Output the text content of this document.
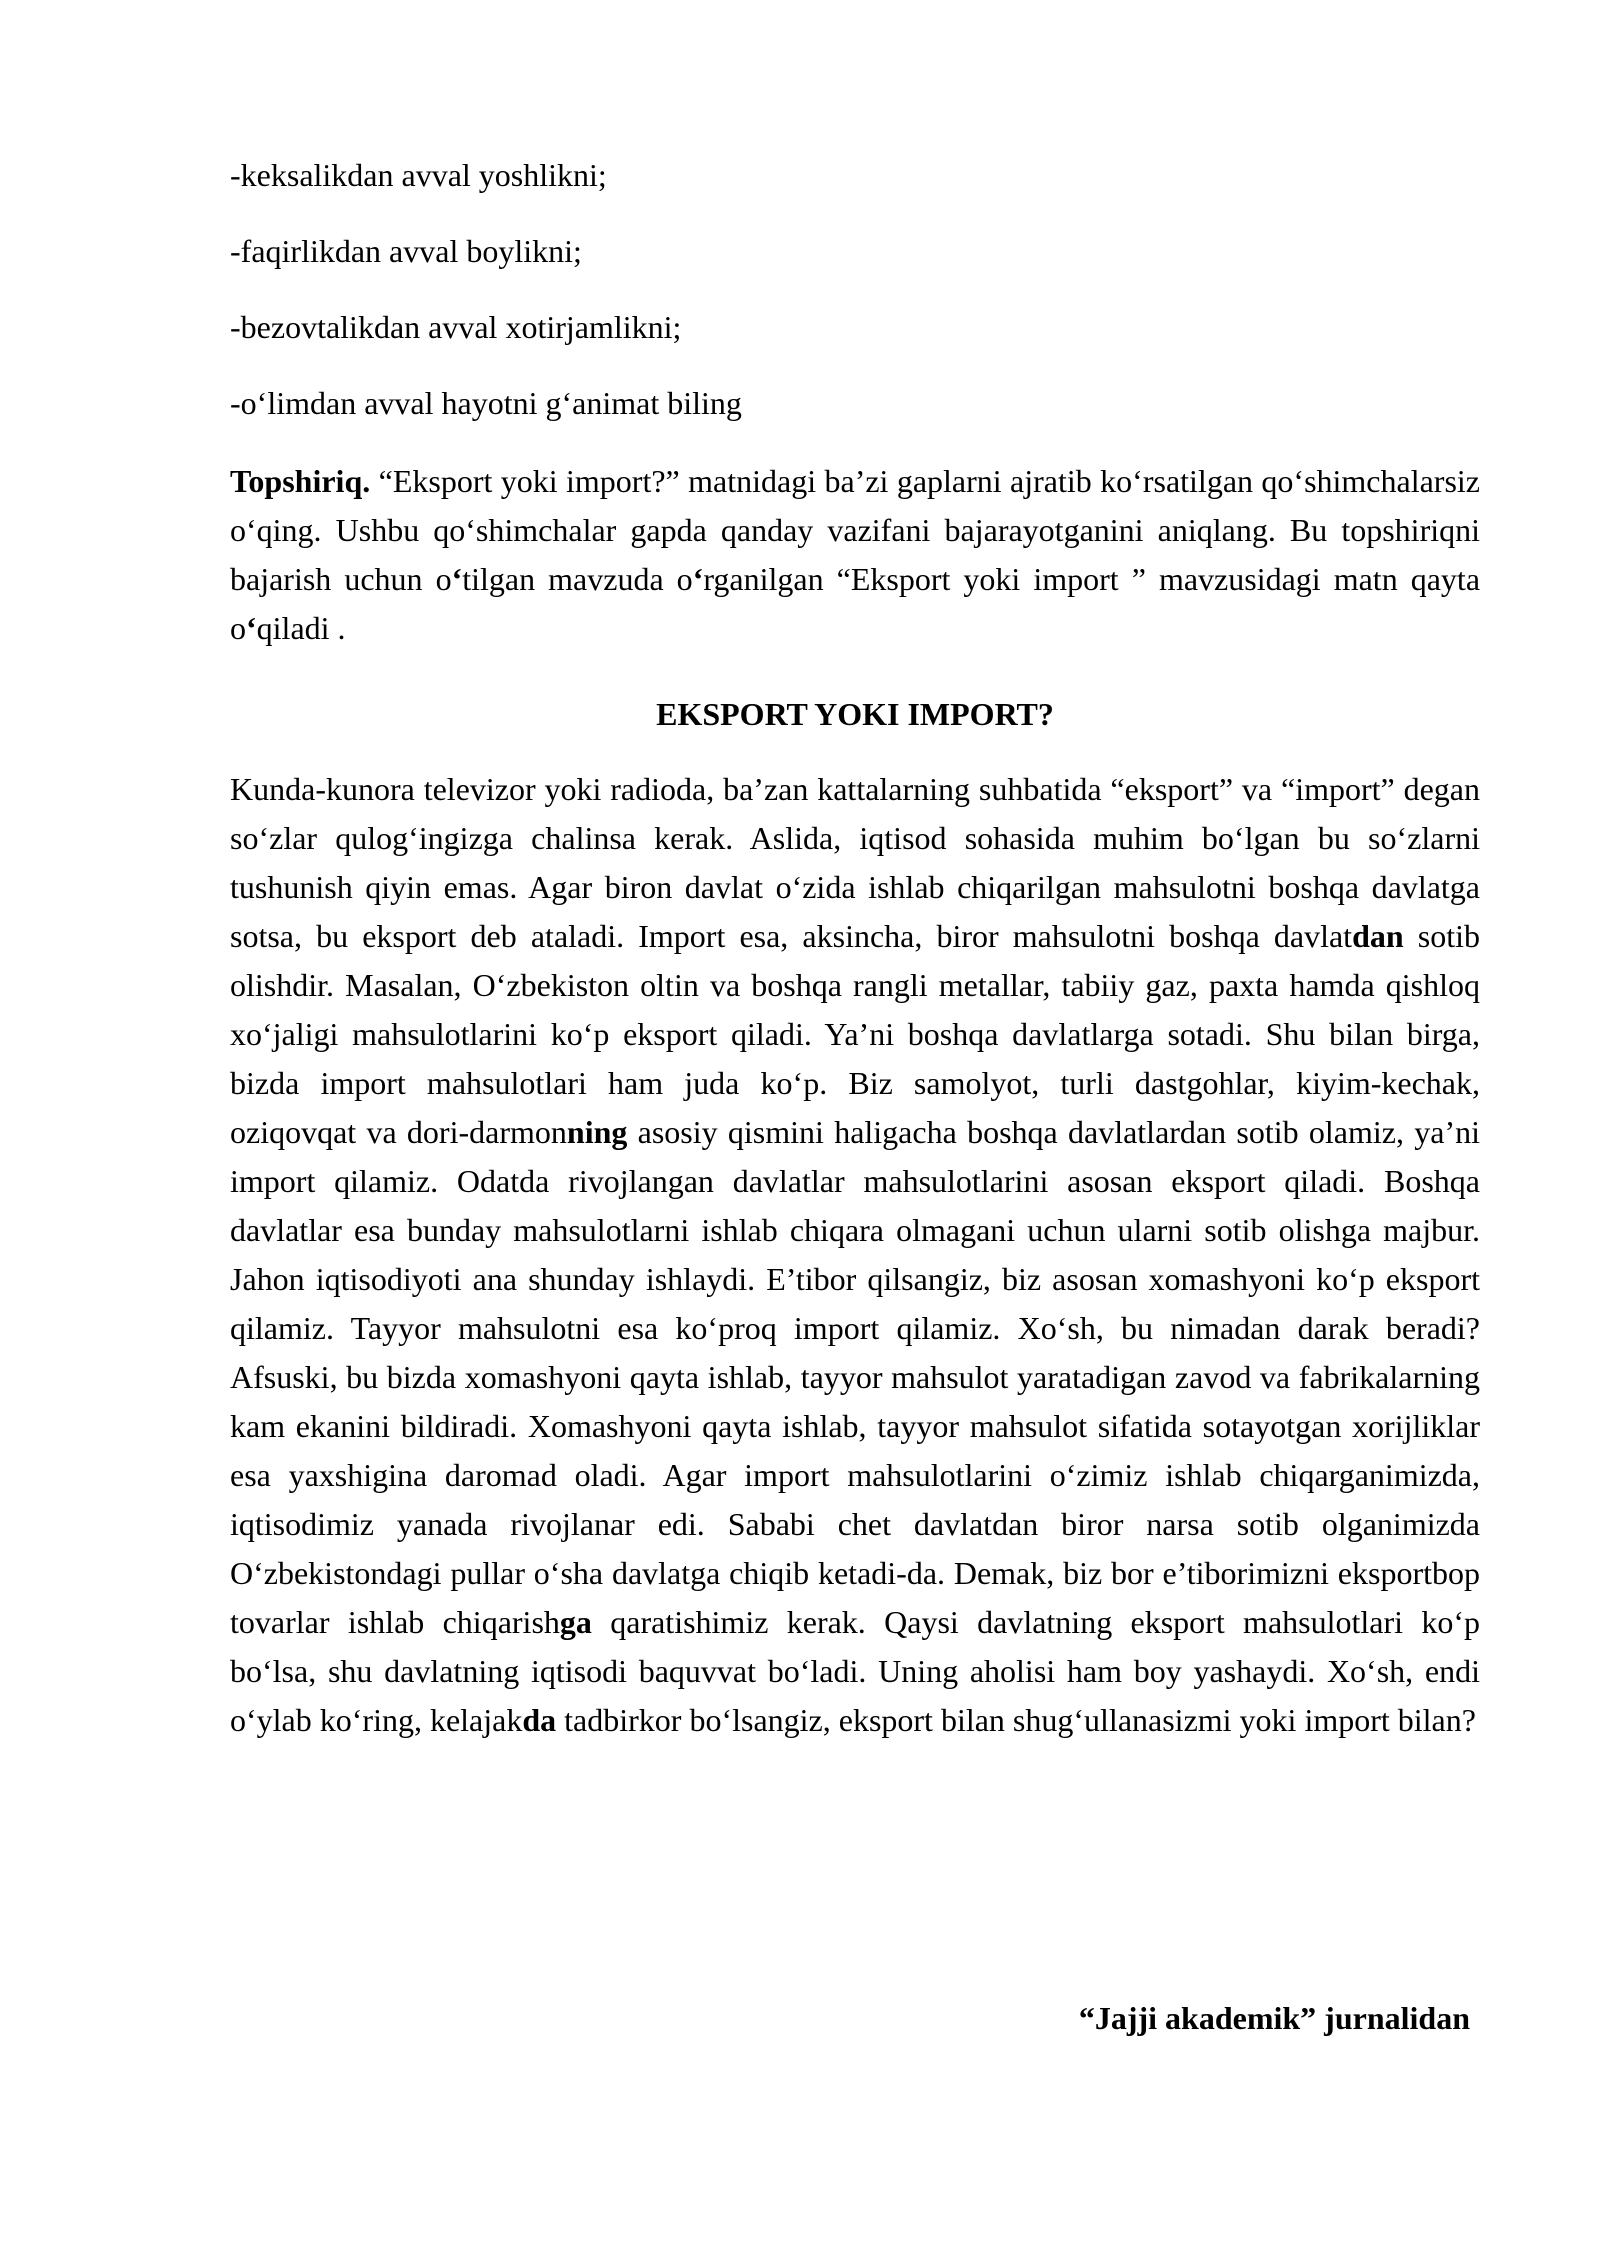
-keksalikdan avval yoshlikni;
-faqirlikdan avval boylikni;
-bezovtalikdan avval xotirjamlikni;
-o‘limdan avval hayotni g‘animat biling
Topshiriq. “Eksport yoki import?” matnidagi ba’zi gaplarni ajratib ko‘rsatilgan qo‘shimchalarsiz o‘qing. Ushbu qo‘shimchalar gapda qanday vazifani bajarayotganini aniqlang. Bu topshiriqni bajarish uchun o‘tilgan mavzuda o‘rganilgan “Eksport yoki import ” mavzusidagi matn qayta o‘qiladi .
EKSPORT YOKI IMPORT?
Kunda-kunora televizor yoki radioda, ba’zan kattalarning suhbatida “eksport” va “import” degan so‘zlar qulog‘ingizga chalinsa kerak. Aslida, iqtisod sohasida muhim bo‘lgan bu so‘zlarni tushunish qiyin emas. Agar biron davlat o‘zida ishlab chiqarilgan mahsulotni boshqa davlatga sotsa, bu eksport deb ataladi. Import esa, aksincha, biror mahsulotni boshqa davlatdan sotib olishdir. Masalan, O‘zbekiston oltin va boshqa rangli metallar, tabiiy gaz, paxta hamda qishloq xo‘jaligi mahsulotlarini ko‘p eksport qiladi. Ya’ni boshqa davlatlarga sotadi. Shu bilan birga, bizda import mahsulotlari ham juda ko‘p. Biz samolyot, turli dastgohlar, kiyim-kechak, oziqovqat va dori-darmonning asosiy qismini haligacha boshqa davlatlardan sotib olamiz, ya’ni import qilamiz. Odatda rivojlangan davlatlar mahsulotlarini asosan eksport qiladi. Boshqa davlatlar esa bunday mahsulotlarni ishlab chiqara olmagani uchun ularni sotib olishga majbur. Jahon iqtisodiyoti ana shunday ishlaydi. E’tibor qilsangiz, biz asosan xomashyoni ko‘p eksport qilamiz. Tayyor mahsulotni esa ko‘proq import qilamiz. Xo‘sh, bu nimadan darak beradi? Afsuski, bu bizda xomashyoni qayta ishlab, tayyor mahsulot yaratadigan zavod va fabrikalarning kam ekanini bildiradi. Xomashyoni qayta ishlab, tayyor mahsulot sifatida sotayotgan xorijliklar esa yaxshigina daromad oladi. Agar import mahsulotlarini o‘zimiz ishlab chiqarganimizda, iqtisodimiz yanada rivojlanar edi. Sababi chet davlatdan biror narsa sotib olganimizda O‘zbekistondagi pullar o‘sha davlatga chiqib ketadi-da. Demak, biz bor e’tiborimizni eksportbop tovarlar ishlab chiqarishga qaratishimiz kerak. Qaysi davlatning eksport mahsulotlari ko‘p bo‘lsa, shu davlatning iqtisodi baquvvat bo‘ladi. Uning aholisi ham boy yashaydi. Xo‘sh, endi o‘ylab ko‘ring, kelajakda tadbirkor bo‘lsangiz, eksport bilan shug‘ullanasizmi yoki import bilan?
“Jajji akademik” jurnalidan
